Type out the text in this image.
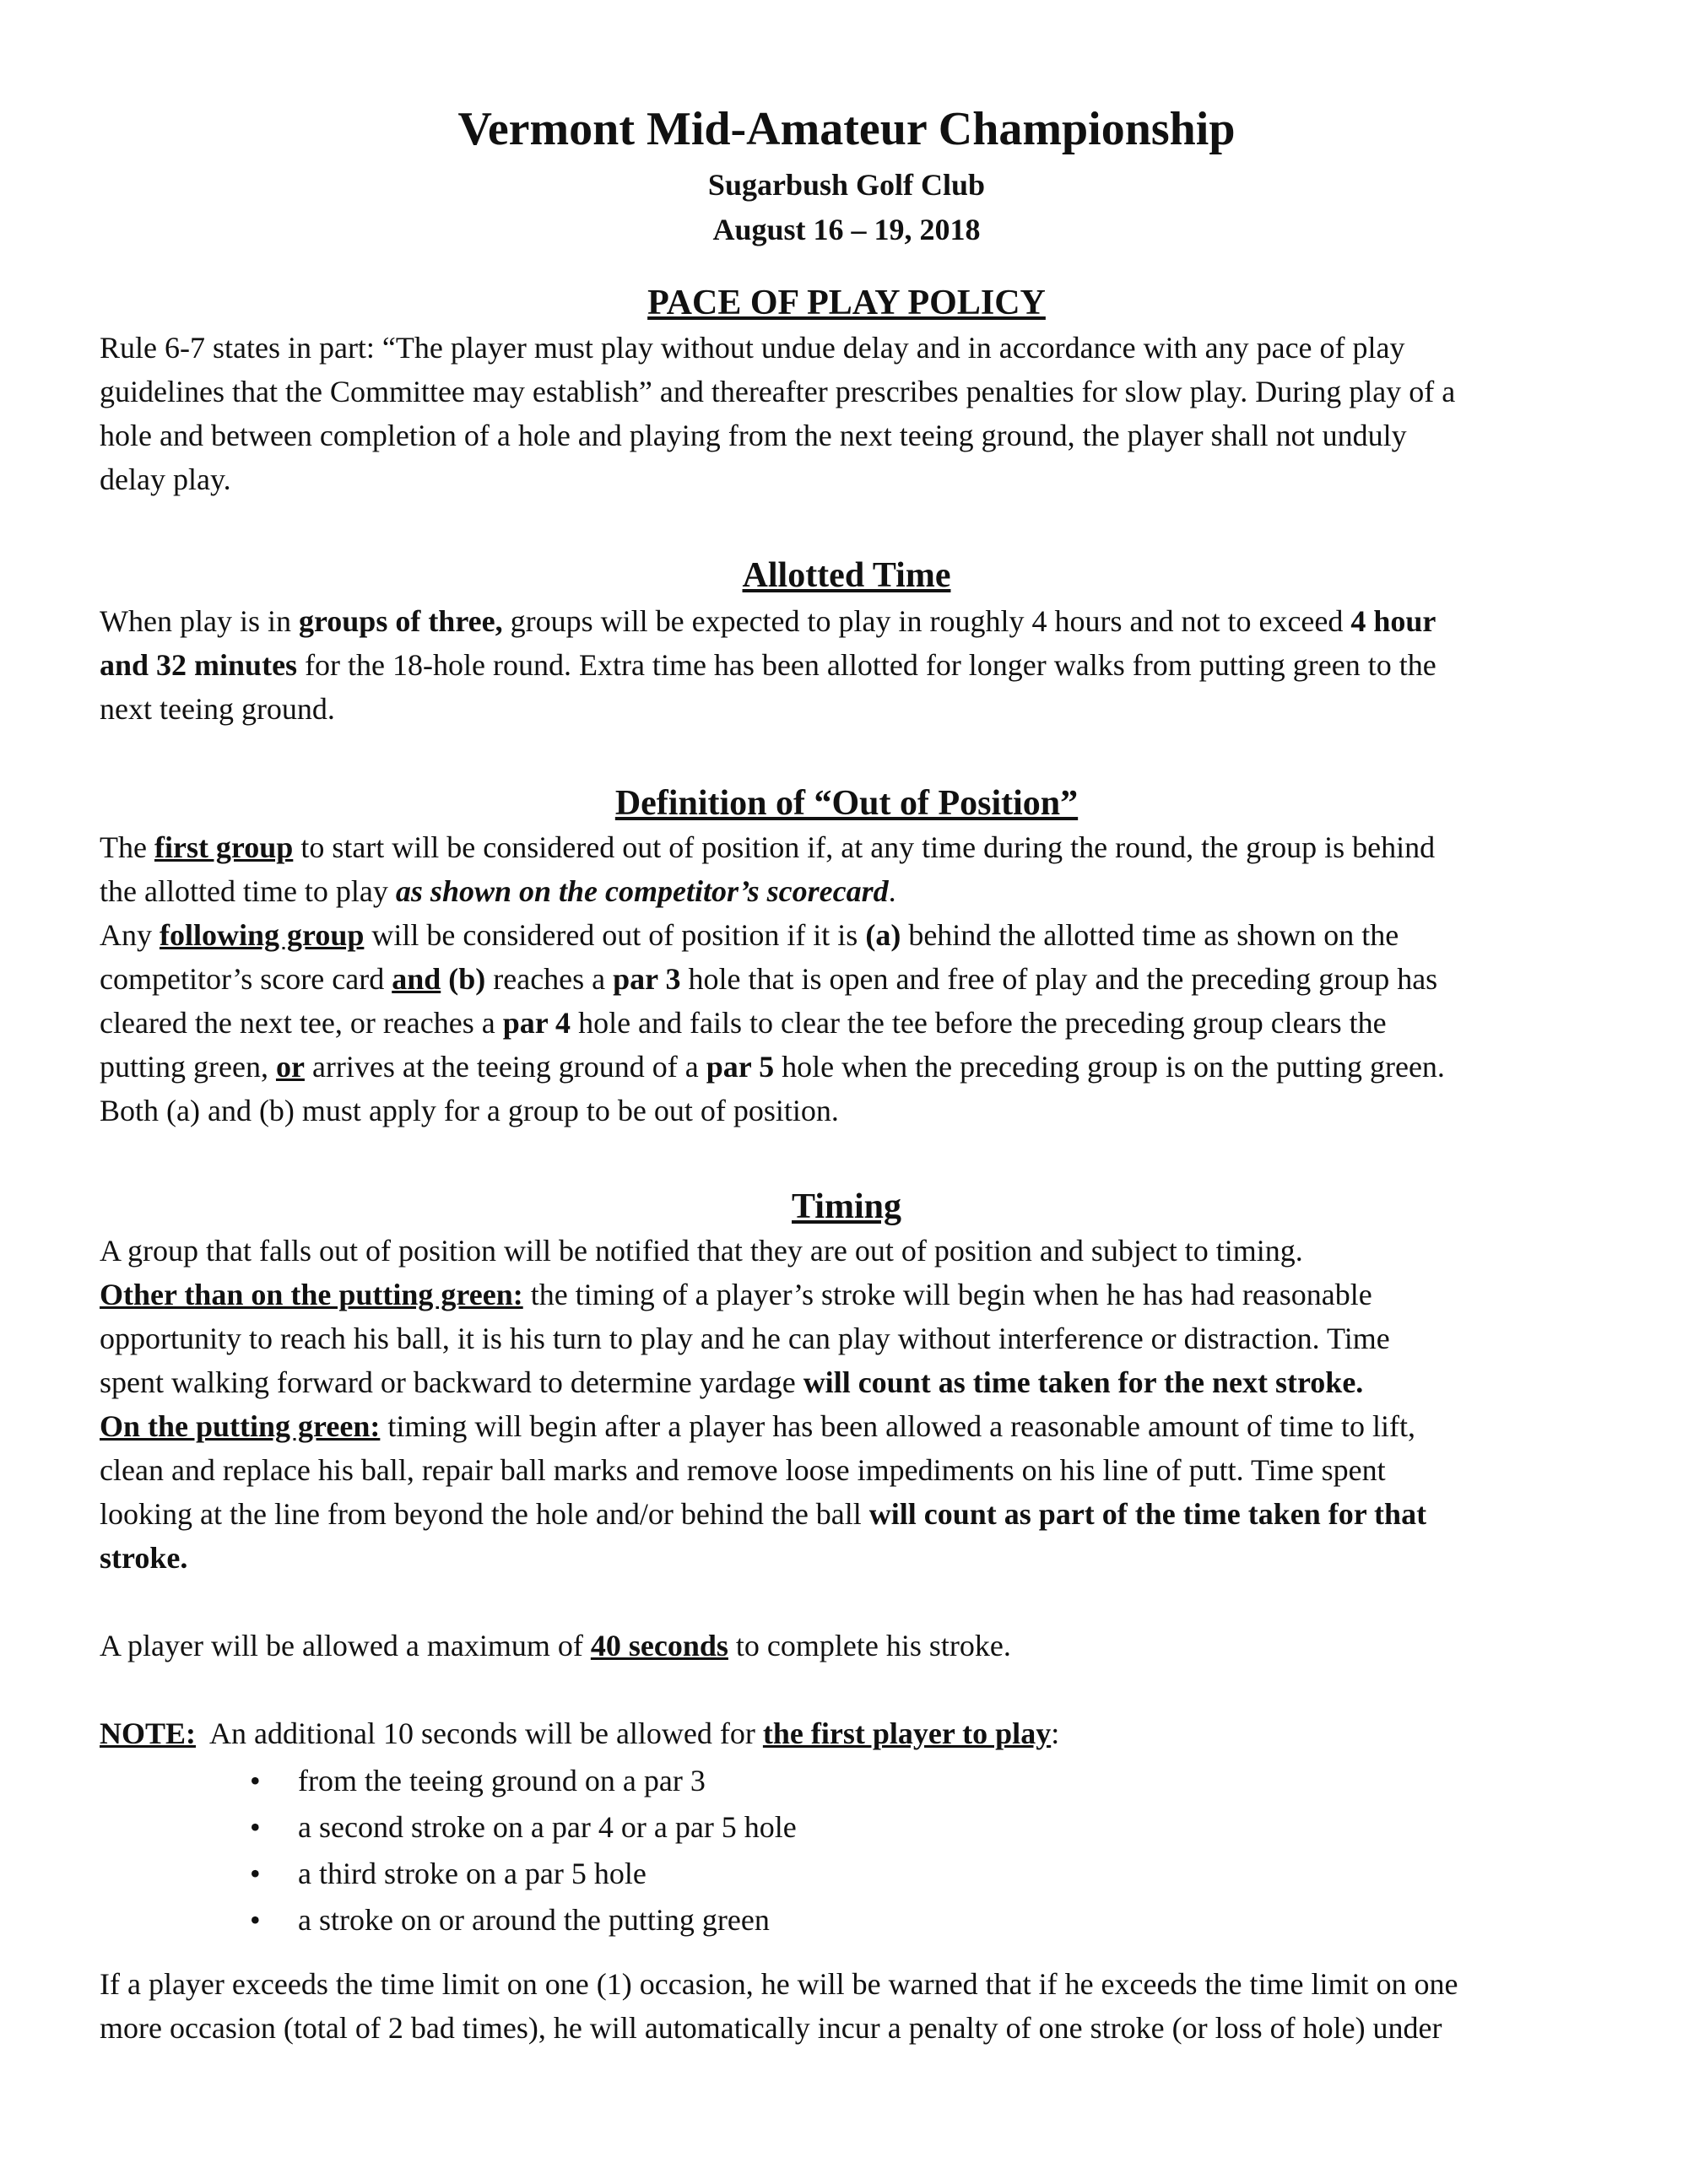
Vermont Mid-Amateur Championship
Sugarbush Golf Club
August 16 – 19, 2018
PACE OF PLAY POLICY

Rule 6-7 states in part: “The player must play without undue delay and in accordance with any pace of play

guidelines that the Committee may establish” and thereafter prescribes penalties for slow play. During play of a

hole and between completion of a hole and playing from the next teeing ground, the player shall not unduly

delay play.

Allotted Time

When play is in groups of three, groups will be expected to play in roughly 4 hours and not to exceed 4 hour

and 32 minutes for the 18-hole round. Extra time has been allotted for longer walks from putting green to the

next teeing ground.

Definition of “Out of Position”

The first group to start will be considered out of position if, at any time during the round, the group is behind

the allotted time to play as shown on the competitor’s scorecard.

Any following group will be considered out of position if it is (a) behind the allotted time as shown on the

competitor’s score card and (b) reaches a par 3 hole that is open and free of play and the preceding group has

cleared the next tee, or reaches a par 4 hole and fails to clear the tee before the preceding group clears the

putting green, or arrives at the teeing ground of a par 5 hole when the preceding group is on the putting green.

Both (a) and (b) must apply for a group to be out of position.

Timing

A group that falls out of position will be notified that they are out of position and subject to timing.

Other than on the putting green: the timing of a player’s stroke will begin when he has had reasonable

opportunity to reach his ball, it is his turn to play and he can play without interference or distraction. Time

spent walking forward or backward to determine yardage will count as time taken for the next stroke.

On the putting green: timing will begin after a player has been allowed a reasonable amount of time to lift,

clean and replace his ball, repair ball marks and remove loose impediments on his line of putt. Time spent

looking at the line from beyond the hole and/or behind the ball will count as part of the time taken for that

stroke.

A player will be allowed a maximum of 40 seconds to complete his stroke.

NOTE:  An additional 10 seconds will be allowed for the first player to play:

• from the teeing ground on a par 3
• a second stroke on a par 4 or a par 5 hole
• a third stroke on a par 5 hole
• a stroke on or around the putting green

If a player exceeds the time limit on one (1) occasion, he will be warned that if he exceeds the time limit on one

more occasion (total of 2 bad times), he will automatically incur a penalty of one stroke (or loss of hole) under
